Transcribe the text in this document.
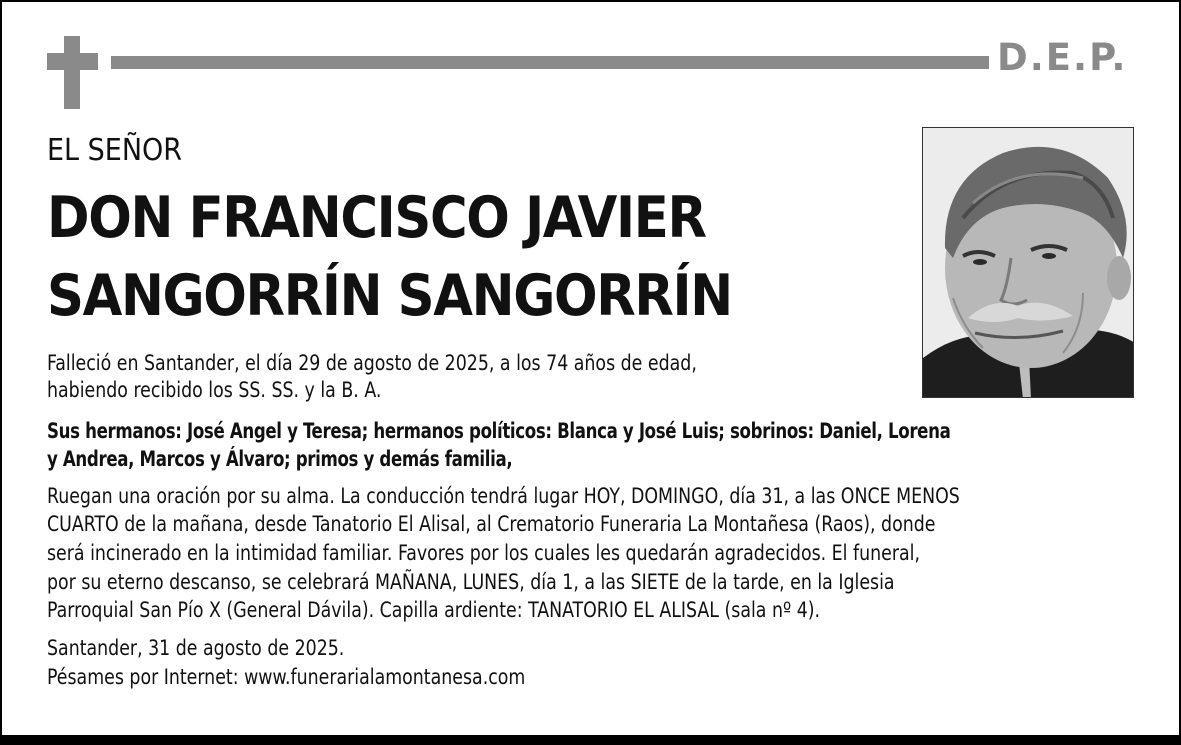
D.E.P.
EL SEÑOR
DON FRANCISCO JAVIER
SANGORRÍN SANGORRÍN
Falleció en Santander, el día 29 de agosto de 2025, a los 74 años de edad,
habiendo recibido los SS. SS. y la B. A.
Sus hermanos: José Angel y Teresa; hermanos políticos: Blanca y José Luis; sobrinos: Daniel, Lorena
y Andrea, Marcos y Álvaro; primos y demás familia,
Ruegan una oración por su alma. La conducción tendrá lugar HOY, DOMINGO, día 31, a las ONCE MENOS
CUARTO de la mañana, desde Tanatorio El Alisal, al Crematorio Funeraria La Montañesa (Raos), donde
será incinerado en la intimidad familiar. Favores por los cuales les quedarán agradecidos. El funeral,
por su eterno descanso, se celebrará MAÑANA, LUNES, día 1, a las SIETE de la tarde, en la Iglesia
Parroquial San Pío X (General Dávila). Capilla ardiente: TANATORIO EL ALISAL (sala nº 4).
Santander, 31 de agosto de 2025.
Pésames por Internet: www.funerarialamontanesa.com
